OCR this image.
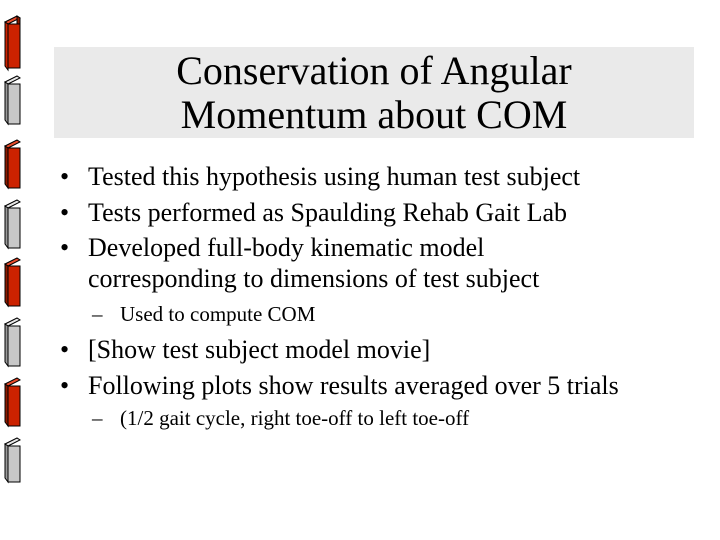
Conservation of Angular
Momentum about COM
• Tested this hypothesis using human test subject
• Tests performed as Spaulding Rehab Gait Lab
• Developed full-body kinematic model
corresponding to dimensions of test subject
– Used to compute COM
• [Show test subject model movie]
• Following plots show results averaged over 5 trials
– (1/2 gait cycle, right toe-off to left toe-off
